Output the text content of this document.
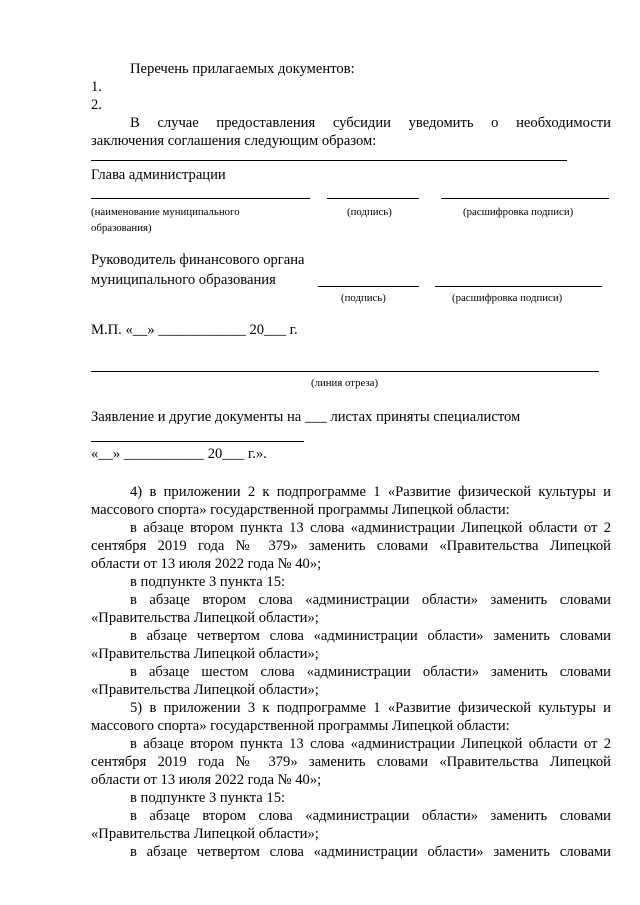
Перечень прилагаемых документов:
1.
2.
В случае предоставления субсидии уведомить о необходимости
заключения соглашения следующим образом:
Глава администрации
(наименование муниципального
образования)
(подпись)	(расшифровка подписи)
Руководитель финансового органа
муниципального образования
(подпись)	(расшифровка подписи)
М.П. «__» ____________ 20___ г.
(линия отреза)
Заявление и другие документы на ___ листах приняты специалистом
«__» ___________ 20___ г.».
4) в приложении 2 к подпрограмме 1 «Развитие физической культуры и
массового спорта» государственной программы Липецкой области:
в абзаце втором пункта 13 слова «администрации Липецкой области от 2
сентября 2019 года № 379» заменить словами «Правительства Липецкой
области от 13 июля 2022 года № 40»;
в подпункте 3 пункта 15:
в абзаце втором слова «администрации области» заменить словами
«Правительства Липецкой области»;
в абзаце четвертом слова «администрации области» заменить словами
«Правительства Липецкой области»;
в абзаце шестом слова «администрации области» заменить словами
«Правительства Липецкой области»;
5) в приложении 3 к подпрограмме 1 «Развитие физической культуры и
массового спорта» государственной программы Липецкой области:
в абзаце втором пункта 13 слова «администрации Липецкой области от 2
сентября 2019 года № 379» заменить словами «Правительства Липецкой
области от 13 июля 2022 года № 40»;
в подпункте 3 пункта 15:
в абзаце втором слова «администрации области» заменить словами
«Правительства Липецкой области»;
в абзаце четвертом слова «администрации области» заменить словами
